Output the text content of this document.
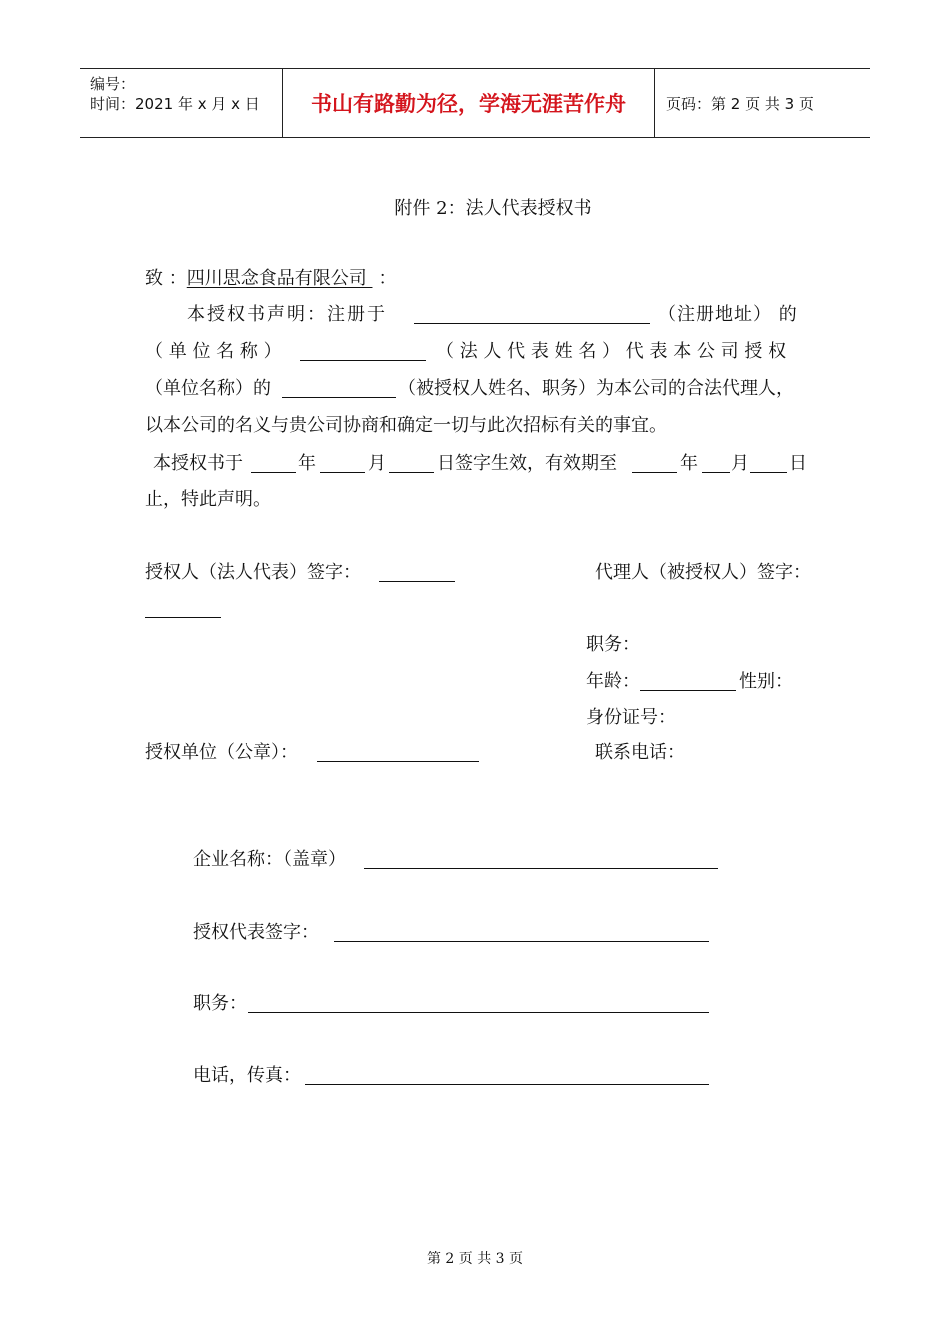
编号：
时间：2021 年 x 月 x 日	书山有路勤为径，学海无涯苦作舟	页码：第 2 页 共 3 页
附件 2：法人代表授权书
致 ：四川思念食品有限公司 ：
本授权书声明：注册于	（注册地址） 的
（ 单 位 名 称 ）	（ 法 人 代 表 姓 名 ） 代 表 本 公 司 授 权
（单位名称）的	（被授权人姓名、职务）为本公司的合法代理人，
以本公司的名义与贵公司协商和确定一切与此次招标有关的事宜。
本授权书于	年	月	日签字生效，有效期至	年 月 日
止，特此声明。
授权人（法人代表）签字：	代理人（被授权人）签字：
职务：
年龄：	性别：
身份证号：
授权单位（公章）：	联系电话：
企业名称：（盖章）
授权代表签字：
职务：
电话，传真：
第 2 页 共 3 页
